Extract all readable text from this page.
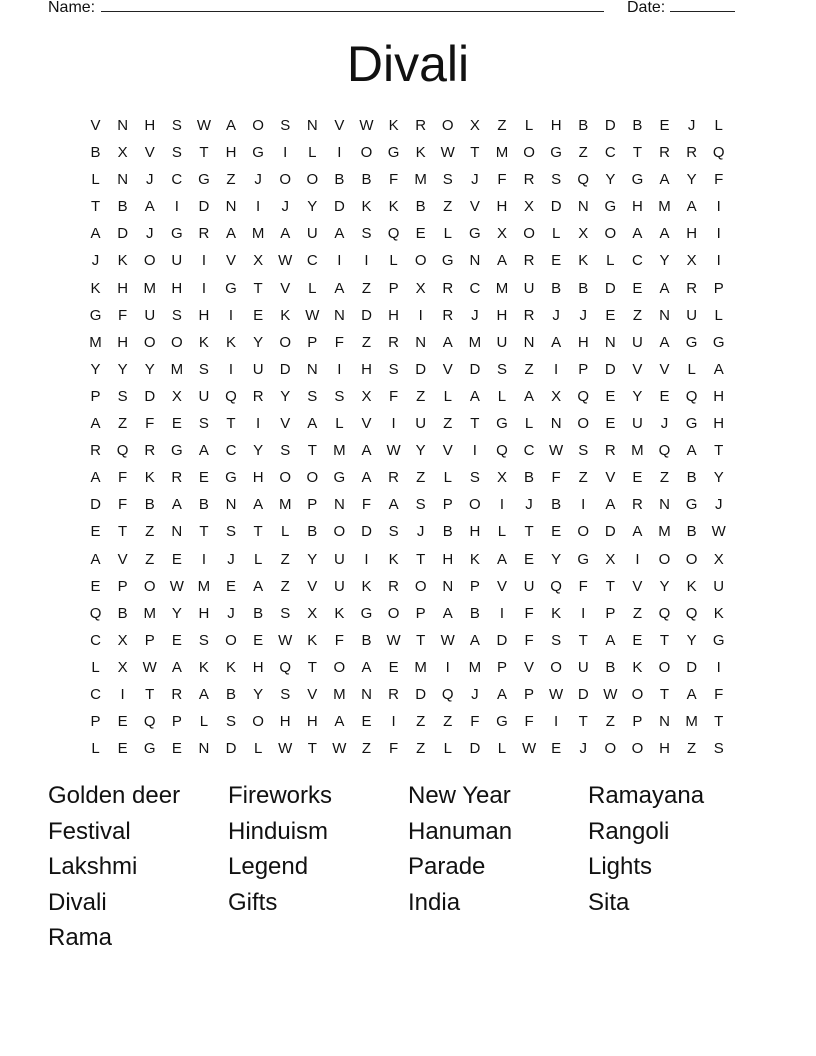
Name:	Date:
Divali
V	N	H	S	W	A	O	S	N	V	W	K	R	O	X	Z	L	H	B	D	B	E	J	L
B	X	V	S	T	H	G	I	L	I	O	G	K	W	T	M	O	G	Z	C	T	R	R	Q
L	N	J	C	G	Z	J	O	O	B	B	F	M	S	J	F	R	S	Q	Y	G	A	Y	F
T	B	A	I	D	N	I	J	Y	D	K	K	B	Z	V	H	X	D	N	G	H	M	A	I
A	D	J	G	R	A	M	A	U	A	S	Q	E	L	G	X	O	L	X	O	A	A	H	I
J	K	O	U	I	V	X	W C	I	I	L	O	G	N	A	R	E	K	L	C	Y	X	I
K	H	M	H	I	G	T	V	L	A	Z	P	X	R	C	M	U	B	B	D	E	A	R	P
G	F	U	S	H	I	E	K	W N	D	H	I	R	J	H	R	J	J	E	Z	N	U	L
M	H	O	O	K	K	Y	O	P	F	Z	R	N	A	M	U	N	A	H	N	U	A	G	G
Y	Y	Y	M	S	I	U	D	N	I	H	S	D	V	D	S	Z	I	P	D	V	V	L	A
P	S	D	X	U	Q	R	Y	S	S	X	F	Z	L	A	L	A	X	Q	E	Y	E	Q	H
A	Z	F	E	S	T	I	V	A	L	V	I	U	Z	T	G	L	N	O	E	U	J	G	H
R	Q	R	G	A	C	Y	S	T	M	A	W	Y	V	I	Q	C W	S	R	M	Q	A	T
A	F	K	R	E	G	H	O	O	G	A	R	Z	L	S	X	B	F	Z	V	E	Z	B	Y
D	F	B	A	B	N	A	M	P	N	F	A	S	P	O	I	J	B	I	A	R	N	G	J
E	T	Z	N	T	S	T	L	B	O	D	S	J	B	H	L	T	E	O	D	A	M	B	W
A	V	Z	E	I	J	L	Z	Y	U	I	K	T	H	K	A	E	Y	G	X	I	O	O	X
E	P	O W M	E	A	Z	V	U	K	R	O	N	P	V	U	Q	F	T	V	Y	K	U
Q	B	M	Y	H	J	B	S	X	K	G	O	P	A	B	I	F	K	I	P	Z	Q	Q	K
C	X	P	E	S	O	E	W	K	F	B	W	T	W	A	D	F	S	T	A	E	T	Y	G
L	X	W	A	K	K	H	Q	T	O	A	E	M	I	M	P	V	O	U	B	K	O	D	I
C	I	T	R	A	B	Y	S	V	M	N	R	D	Q	J	A	P	W D W O	T	A	F
P	E	Q	P	L	S	O	H	H	A	E	I	Z	Z	F	G	F	I	T	Z	P	N	M	T
L	E	G	E	N	D	L	W	T	W	Z	F	Z	L	D	L	W	E	J	O	O	H	Z	S
Golden deer	Fireworks	New Year	Ramayana
Festival	Hinduism	Hanuman	Rangoli
Lakshmi	Legend	Parade	Lights
Divali	Gifts	India	Sita
Rama
